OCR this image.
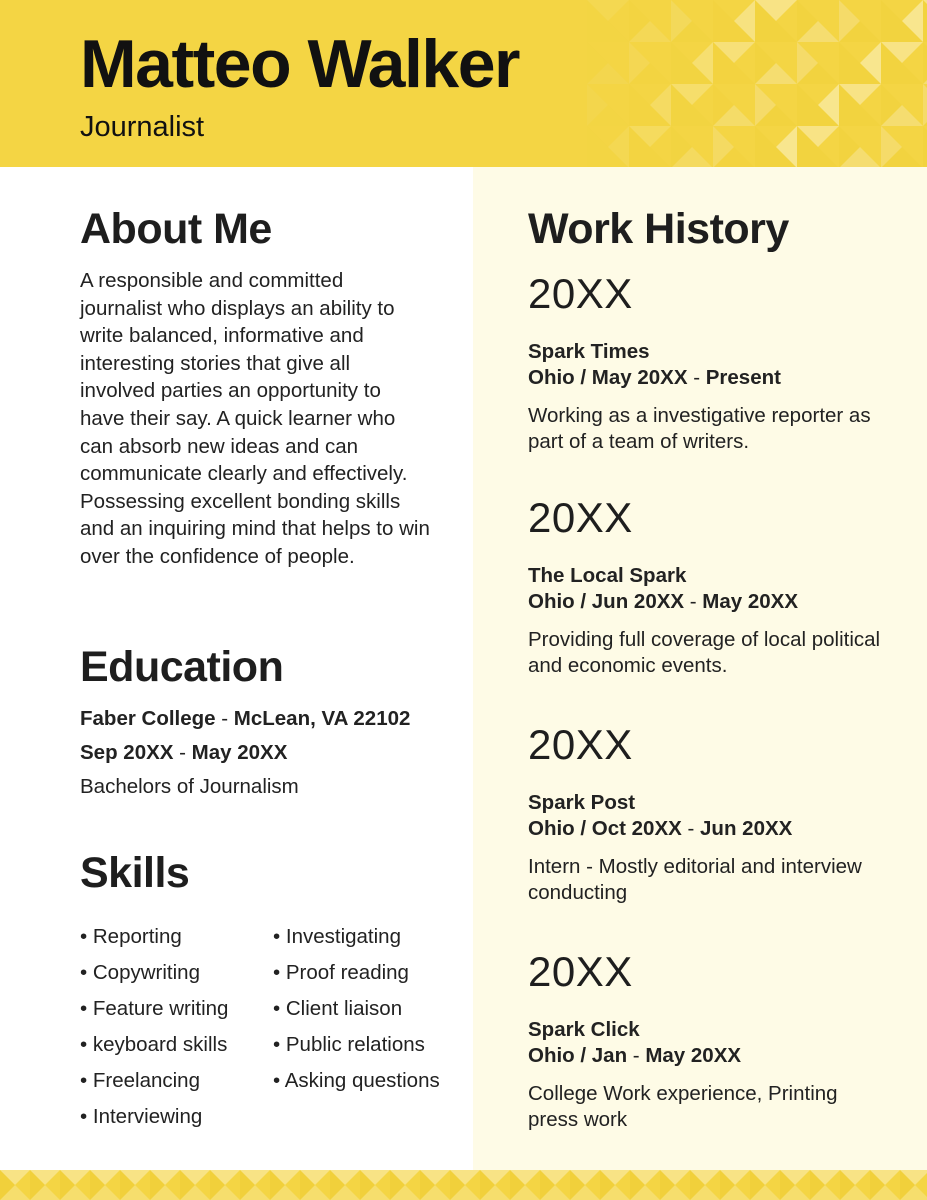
Matteo Walker
Journalist
About Me
A responsible and committed journalist who displays an ability to write balanced, informative and interesting stories that give all involved parties an opportunity to have their say. A quick learner who can absorb new ideas and can communicate clearly and effectively. Possessing excellent bonding skills and an inquiring mind that helps to win over the confidence of people.
Education
Faber College - McLean, VA 22102
Sep 20XX - May 20XX
Bachelors of Journalism
Skills
• Reporting
• Copywriting
• Feature writing
• keyboard skills
• Freelancing
• Interviewing
• Investigating
• Proof reading
• Client liaison
• Public relations
• Asking questions
Work History
20XX
Spark Times
Ohio / May 20XX - Present
Working as a investigative reporter as part of a team of writers.
20XX
The Local Spark
Ohio / Jun 20XX - May 20XX
Providing full coverage of local political and economic events.
20XX
Spark Post
Ohio / Oct 20XX - Jun 20XX
Intern - Mostly editorial and interview conducting
20XX
Spark Click
Ohio / Jan - May 20XX
College Work experience, Printing press work
